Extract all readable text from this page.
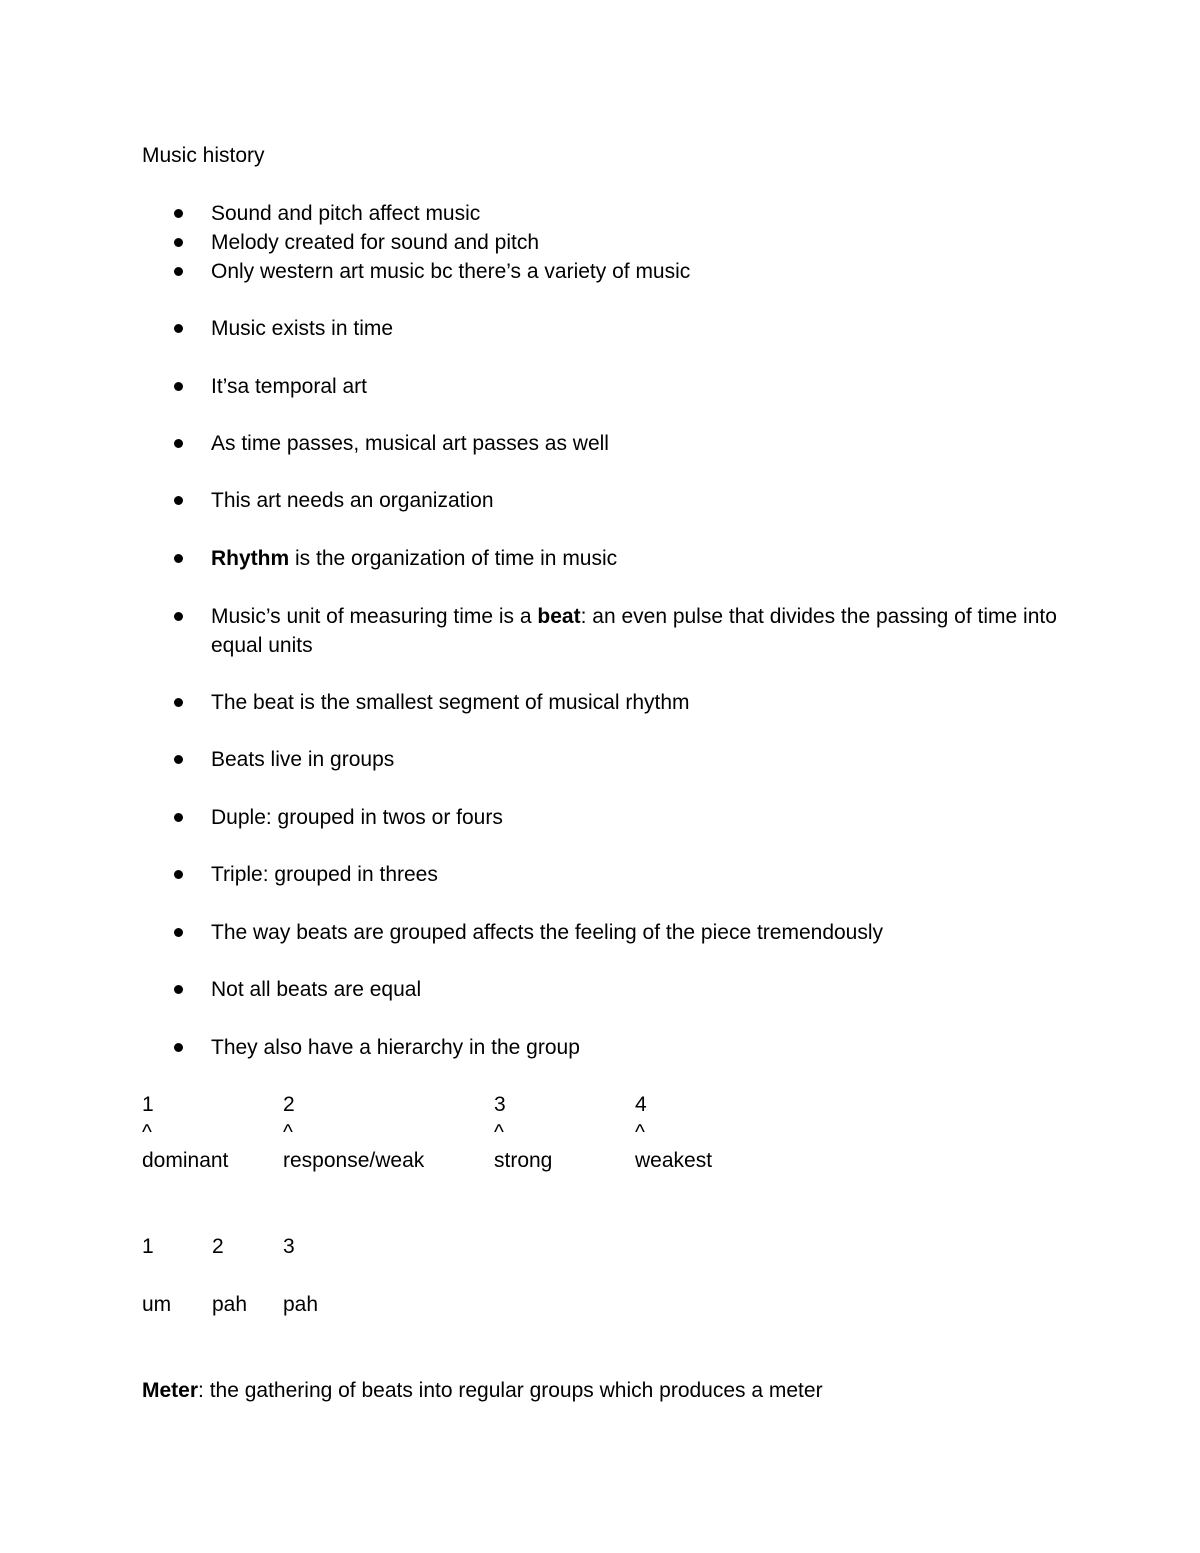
Music history
Sound and pitch affect music
Melody created for sound and pitch
Only western art music bc there’s a variety of music
Music exists in time
It’sa temporal art
As time passes, musical art passes as well
This art needs an organization
Rhythm is the organization of time in music
Music’s unit of measuring time is a beat: an even pulse that divides the passing of time into equal units
The beat is the smallest segment of musical rhythm
Beats live in groups
Duple: grouped in twos or fours
Triple: grouped in threes
The way beats are grouped affects the feeling of the piece tremendously
Not all beats are equal
They also have a hierarchy in the group
1	2	3	4
^	^	^	^
dominant	response/weak	strong	weakest
1	2	3
um pah pah
Meter: the gathering of beats into regular groups which produces a meter
